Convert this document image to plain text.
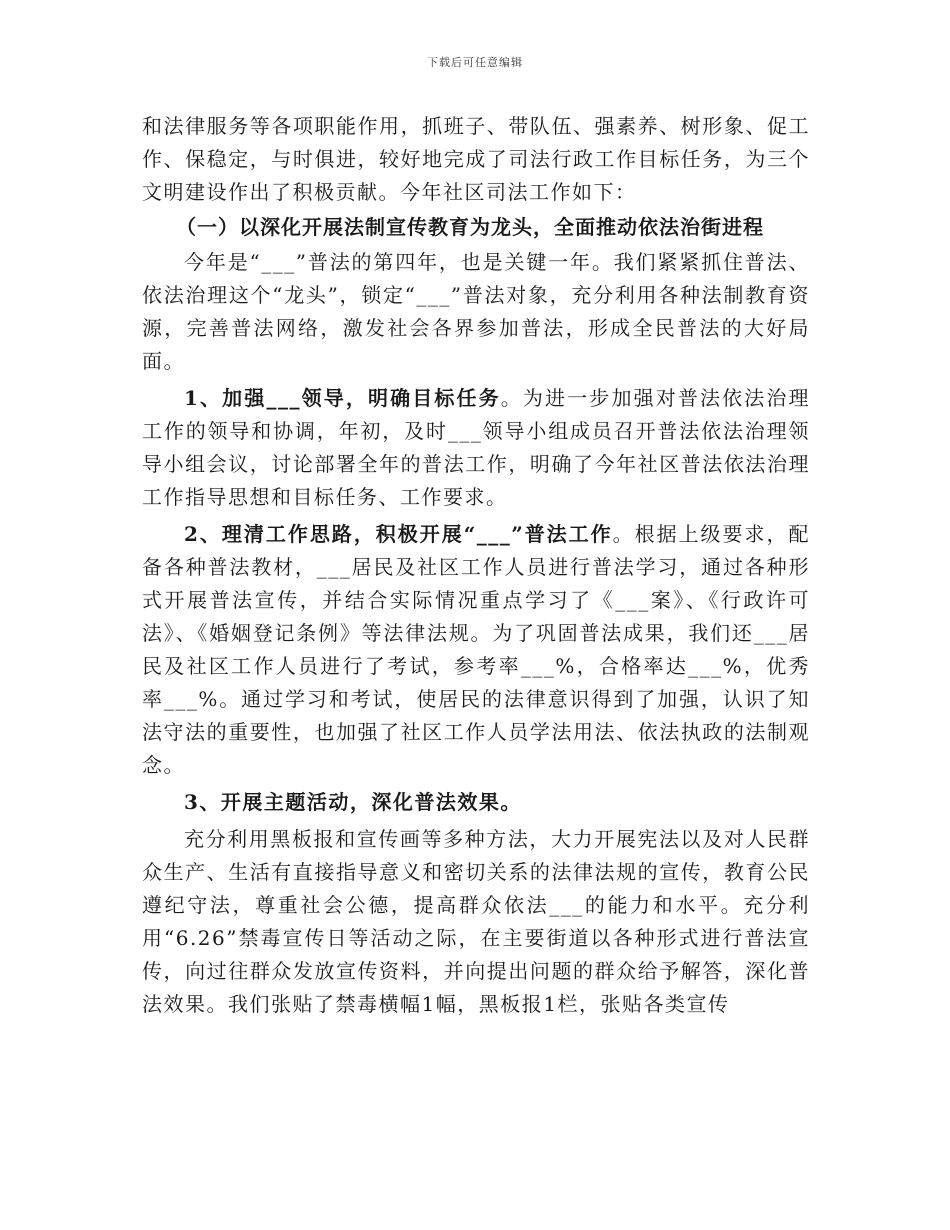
下载后可任意编辑

和法律服务等各项职能作用，抓班子、带队伍、强素养、树形象、促工作、保稳定，与时俱进，较好地完成了司法行政工作目标任务，为三个文明建设作出了积极贡献。今年社区司法工作如下：

（一）以深化开展法制宣传教育为龙头，全面推动依法治街进程

今年是“___”普法的第四年，也是关键一年。我们紧紧抓住普法、依法治理这个“龙头”，锁定“___”普法对象，充分利用各种法制教育资源，完善普法网络，激发社会各界参加普法，形成全民普法的大好局面。

1、加强___领导，明确目标任务。为进一步加强对普法依法治理工作的领导和协调，年初，及时___领导小组成员召开普法依法治理领导小组会议，讨论部署全年的普法工作，明确了今年社区普法依法治理工作指导思想和目标任务、工作要求。

2、理清工作思路，积极开展“___”普法工作。根据上级要求，配备各种普法教材，___居民及社区工作人员进行普法学习，通过各种形式开展普法宣传，并结合实际情况重点学习了《___案》、《行政许可法》、《婚姻登记条例》等法律法规。为了巩固普法成果，我们还___居民及社区工作人员进行了考试，参考率___%，合格率达___%，优秀率___%。通过学习和考试，使居民的法律意识得到了加强，认识了知法守法的重要性，也加强了社区工作人员学法用法、依法执政的法制观念。

3、开展主题活动，深化普法效果。

充分利用黑板报和宣传画等多种方法，大力开展宪法以及对人民群众生产、生活有直接指导意义和密切关系的法律法规的宣传，教育公民遵纪守法，尊重社会公德，提高群众依法___的能力和水平。充分利用“6.26”禁毒宣传日等活动之际，在主要街道以各种形式进行普法宣传，向过往群众发放宣传资料，并向提出问题的群众给予解答，深化普法效果。我们张贴了禁毒横幅1幅，黑板报1栏，张贴各类宣传
